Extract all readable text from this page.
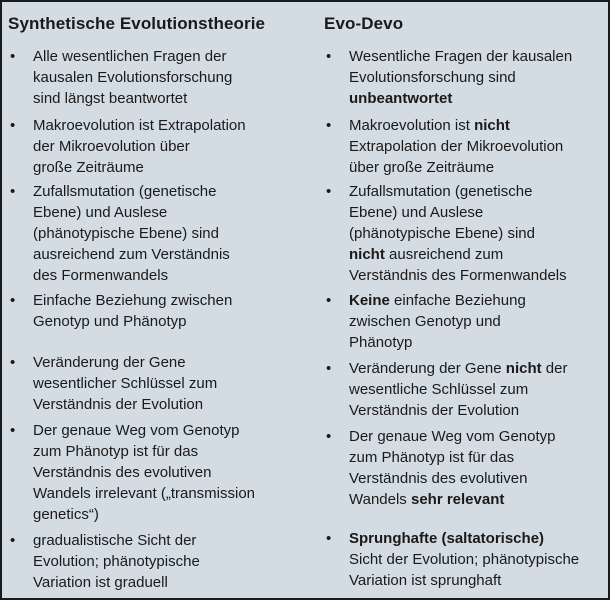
Synthetische Evolutionstheorie
• Alle wesentlichen Fragen der
kausalen Evolutionsforschung
sind längst beantwortet
• Makroevolution ist Extrapolation
der Mikroevolution über
große Zeiträume
• Zufallsmutation (genetische
Ebene) und Auslese
(phänotypische Ebene) sind
ausreichend zum Verständnis
des Formenwandels
• Einfache Beziehung zwischen
Genotyp und Phänotyp
• Veränderung der Gene
wesentlicher Schlüssel zum
Verständnis der Evolution
• Der genaue Weg vom Genotyp
zum Phänotyp ist für das
Verständnis des evolutiven
Wandels irrelevant („transmission
genetics“)
• gradualistische Sicht der
Evolution; phänotypische
Variation ist graduell
Evo-Devo
• Wesentliche Fragen der kausalen
Evolutionsforschung sind
unbeantwortet
• Makroevolution ist nicht
Extrapolation der Mikroevolution
über große Zeiträume
• Zufallsmutation (genetische
Ebene) und Auslese
(phänotypische Ebene) sind
nicht ausreichend zum
Verständnis des Formenwandels
• Keine einfache Beziehung
zwischen Genotyp und
Phänotyp
• Veränderung der Gene nicht der
wesentliche Schlüssel zum
Verständnis der Evolution
• Der genaue Weg vom Genotyp
zum Phänotyp ist für das
Verständnis des evolutiven
Wandels sehr relevant
• Sprunghafte (saltatorische)
Sicht der Evolution; phänotypische
Variation ist sprunghaft
